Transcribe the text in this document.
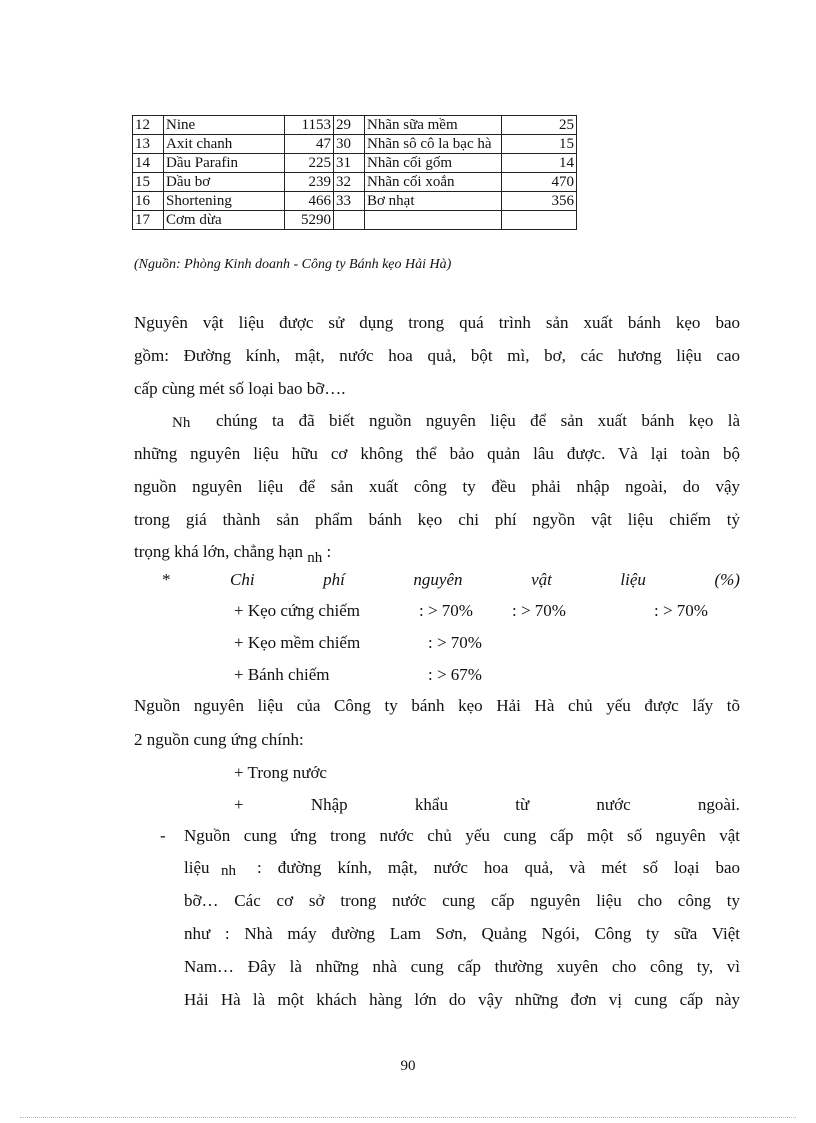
12	Nine	1153	29	Nhãn sữa mềm	25
13	Axit chanh	47	30	Nhãn sô cô la bạc hà	15
14	Dầu Parafin	225	31	Nhãn cối gốm	14
15	Dầu bơ	239	32	Nhãn cối xoắn	470
16	Shortening	466	33	Bơ nhạt	356
17	Cơm dừa	5290			
(Nguồn: Phòng Kinh doanh - Công ty Bánh kẹo Hải Hà)
Nguyên vật liệu được sử dụng trong quá trình sản xuất bánh kẹo bao
gồm: Đường kính, mật, nước hoa quả, bột mì, bơ, các hương liệu cao
cấp cùng mét số loại bao bỡ….
Nh chúng ta đã biết nguồn nguyên liệu để sản xuất bánh kẹo là
những nguyên liệu hữu cơ không thể bảo quản lâu được. Và lại toàn bộ
nguồn nguyên liệu để sản xuất công ty đều phải nhập ngoài, do vậy
trong giá thành sản phẩm bánh kẹo chi phí ngyồn vật liệu chiếm tỷ
trọng khá lớn, chẳng hạn nh :
*	Chi	phí	nguyên	vật	liệu	(%)
+ Kẹo cứng chiếm	: > 70% : > 70%	: > 70%
+ Kẹo mềm chiếm	: > 70%
+ Bánh chiếm	: > 67%
Nguồn nguyên liệu của Công ty bánh kẹo Hải Hà chủ yếu được lấy tõ
2 nguồn cung ứng chính:
+ Trong nước
+	Nhập	khẩu	từ	nước	ngoài.
- Nguồn cung ứng trong nước chủ yếu cung cấp một số nguyên vật
liệu nh : đường kính, mật, nước hoa quả, và mét số loại bao
bỡ… Các cơ sở trong nước cung cấp nguyên liệu cho công ty
như : Nhà máy đường Lam Sơn, Quảng Ngói, Công ty sữa Việt
Nam… Đây là những nhà cung cấp thường xuyên cho công ty, vì
Hải Hà là một khách hàng lớn do vậy những đơn vị cung cấp này
90
